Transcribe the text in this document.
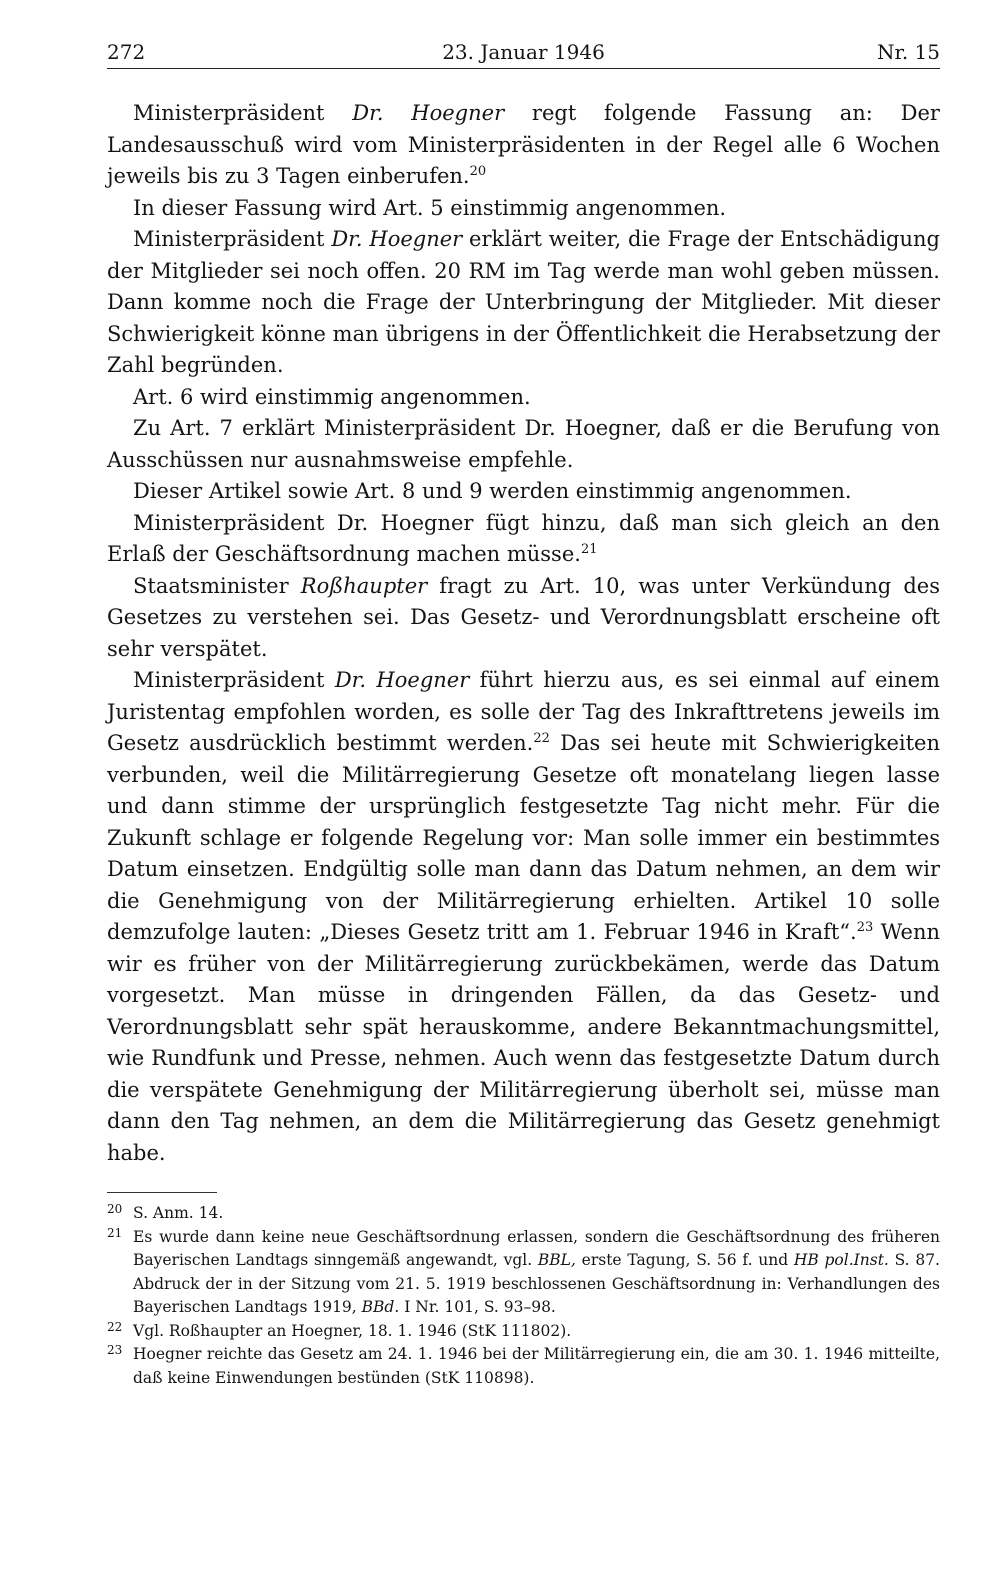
272	23. Januar 1946	Nr. 15

Ministerpräsident Dr. Hoegner regt folgende Fassung an: Der Landesausschuß wird vom Ministerpräsidenten in der Regel alle 6 Wochen jeweils bis zu 3 Tagen einberufen.$^{20}$

In dieser Fassung wird Art. 5 einstimmig angenommen.

Ministerpräsident Dr. Hoegner erklärt weiter, die Frage der Entschädigung der Mitglieder sei noch offen. 20 RM im Tag werde man wohl geben müssen. Dann komme noch die Frage der Unterbringung der Mitglieder. Mit dieser Schwierigkeit könne man übrigens in der Öffentlichkeit die Herabsetzung der Zahl begründen.

Art. 6 wird einstimmig angenommen.

Zu Art. 7 erklärt Ministerpräsident Dr. Hoegner, daß er die Berufung von Ausschüssen nur ausnahmsweise empfehle.

Dieser Artikel sowie Art. 8 und 9 werden einstimmig angenommen.

Ministerpräsident Dr. Hoegner fügt hinzu, daß man sich gleich an den Erlaß der Geschäftsordnung machen müsse.$^{21}$

Staatsminister Roßhaupter fragt zu Art. 10, was unter Verkündung des Gesetzes zu verstehen sei. Das Gesetz- und Verordnungsblatt erscheine oft sehr verspätet.

Ministerpräsident Dr. Hoegner führt hierzu aus, es sei einmal auf einem Juristentag empfohlen worden, es solle der Tag des Inkrafttretens jeweils im Gesetz ausdrücklich bestimmt werden.$^{22}$ Das sei heute mit Schwierigkeiten verbunden, weil die Militärregierung Gesetze oft monatelang liegen lasse und dann stimme der ursprünglich festgesetzte Tag nicht mehr. Für die Zukunft schlage er folgende Regelung vor: Man solle immer ein bestimmtes Datum einsetzen. Endgültig solle man dann das Datum nehmen, an dem wir die Genehmigung von der Militärregierung erhielten. Artikel 10 solle demzufolge lauten: „Dieses Gesetz tritt am 1. Februar 1946 in Kraft“.$^{23}$ Wenn wir es früher von der Militärregierung zurückbekämen, werde das Datum vorgesetzt. Man müsse in dringenden Fällen, da das Gesetz- und Verordnungsblatt sehr spät herauskomme, andere Bekanntmachungsmittel, wie Rundfunk und Presse, nehmen. Auch wenn das festgesetzte Datum durch die verspätete Genehmigung der Militärregierung überholt sei, müsse man dann den Tag nehmen, an dem die Militärregierung das Gesetz genehmigt habe.

20 S. Anm. 14.
21 Es wurde dann keine neue Geschäftsordnung erlassen, sondern die Geschäftsordnung des früheren Bayerischen Landtags sinngemäß angewandt, vgl. BBL, erste Tagung, S. 56 f. und HB pol.Inst. S. 87. Abdruck der in der Sitzung vom 21. 5. 1919 beschlossenen Geschäftsordnung in: Verhandlungen des Bayerischen Landtags 1919, BBd. I Nr. 101, S. 93–98.
22 Vgl. Roßhaupter an Hoegner, 18. 1. 1946 (StK 111802).
23 Hoegner reichte das Gesetz am 24. 1. 1946 bei der Militärregierung ein, die am 30. 1. 1946 mitteilte, daß keine Einwendungen bestünden (StK 110898).
